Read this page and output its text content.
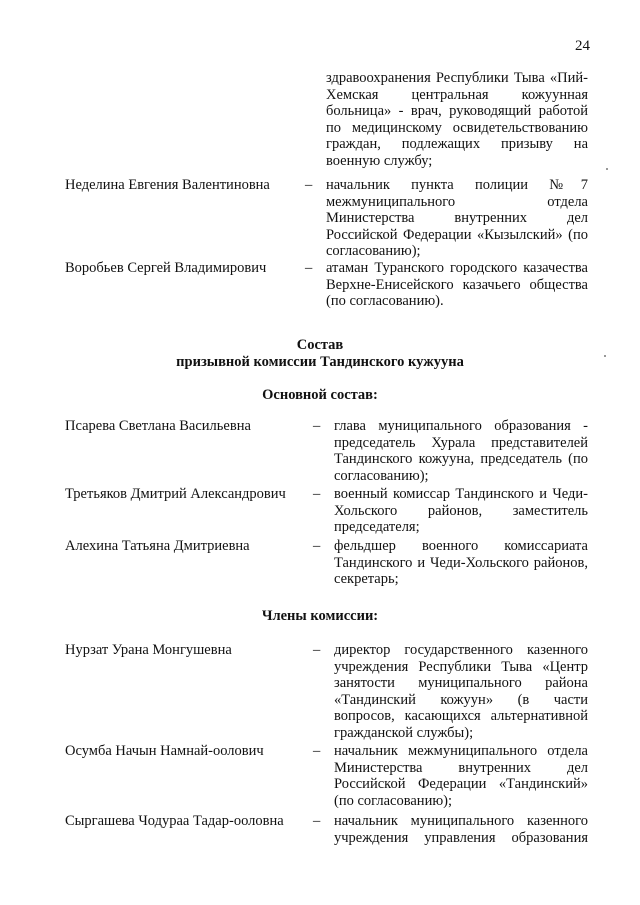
24
здравоохранения Республики Тыва «Пий-Хемская центральная кожуунная больница» - врач, руководящий работой по медицинскому освидетельствованию граждан, подлежащих призыву на военную службу;
Неделина Евгения Валентиновна – начальник пункта полиции №7 межмуниципального отдела Министерства внутренних дел Российской Федерации «Кызылский» (по согласованию);
Воробьев Сергей Владимирович	– атаман Туранского городского казачества Верхне-Енисейского казачьего общества (по согласованию).
Состав
призывной комиссии Тандинского кужууна
Основной состав:
Псарева Светлана Васильевна	– глава муниципального образования - председатель Хурала представителей Тандинского кожууна, председатель (по согласованию);
Третьяков Дмитрий Александрович – военный комиссар Тандинского и Чеди-Хольского районов, заместитель председателя;
Алехина Татьяна Дмитриевна	– фельдшер военного комиссариата Тандинского и Чеди-Хольского районов, секретарь;
Члены комиссии:
Нурзат Урана Монгушевна	– директор государственного казенного учреждения Республики Тыва «Центр занятости муниципального района «Тандинский кожуун» (в части вопросов, касающихся альтернативной гражданской службы);
Осумба Начын Намнай-оолович	– начальник межмуниципального отдела Министерства внутренних дел Российской Федерации «Тандинский» (по согласованию);
Сыргашева Чодураа Тадар-ооловна – начальник муниципального казенного учреждения управления образования
